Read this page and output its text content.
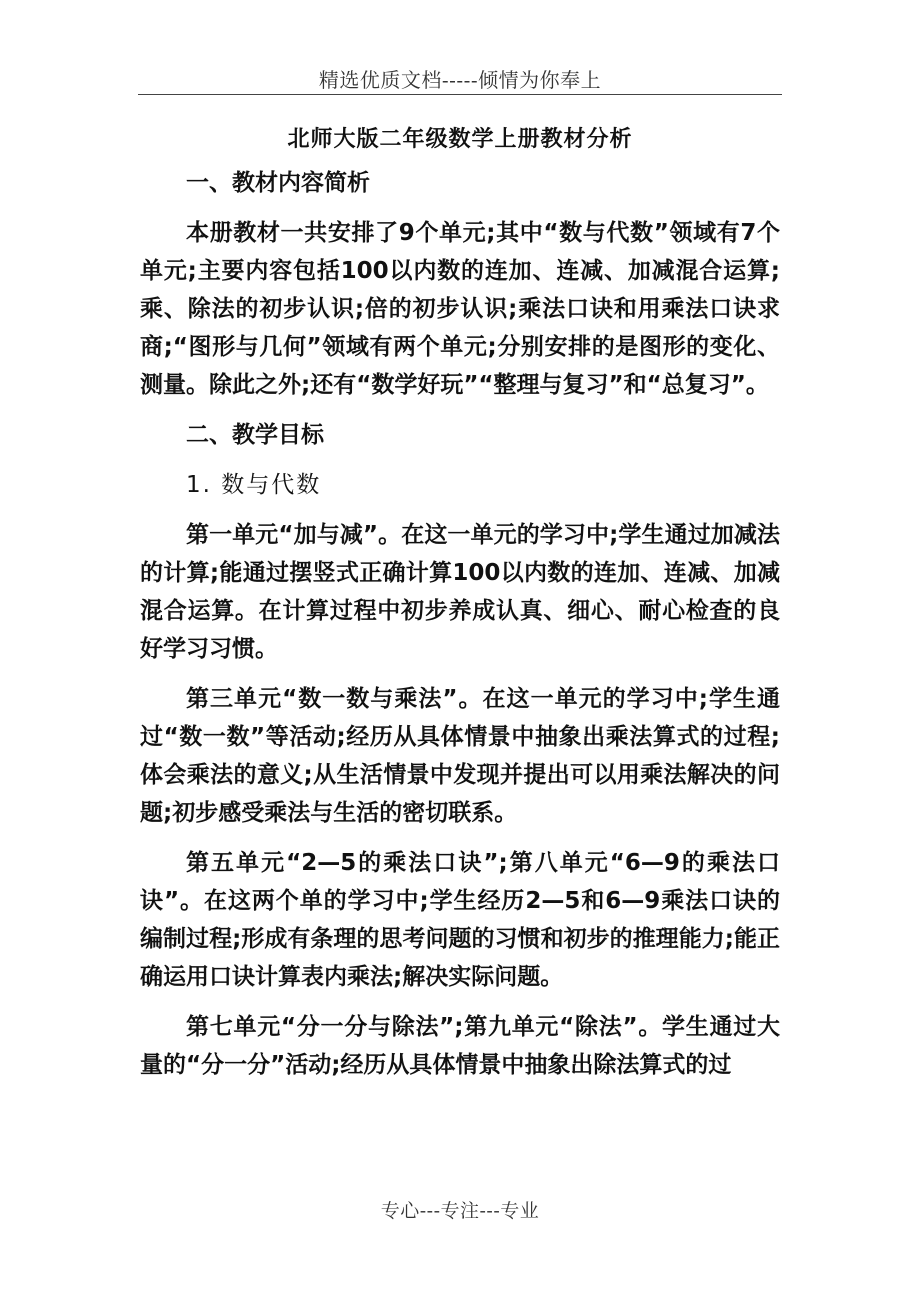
精选优质文档-----倾情为你奉上
北师大版二年级数学上册教材分析

一、教材内容简析

本册教材一共安排了9个单元;其中“数与代数”领域有7个单元;主要内容包括100以内数的连加、连减、加减混合运算;乘、除法的初步认识;倍的初步认识;乘法口诀和用乘法口诀求商;“图形与几何”领域有两个单元;分别安排的是图形的变化、测量。除此之外;还有“数学好玩”“整理与复习”和“总复习”。

二、教学目标

1. 数与代数

第一单元“加与减”。在这一单元的学习中;学生通过加减法的计算;能通过摆竖式正确计算100以内数的连加、连减、加减混合运算。在计算过程中初步养成认真、细心、耐心检查的良好学习习惯。

第三单元“数一数与乘法”。在这一单元的学习中;学生通过“数一数”等活动;经历从具体情景中抽象出乘法算式的过程;体会乘法的意义;从生活情景中发现并提出可以用乘法解决的问题;初步感受乘法与生活的密切联系。

第五单元“2—5的乘法口诀”;第八单元“6—9的乘法口诀”。在这两个单的学习中;学生经历2—5和6—9乘法口诀的编制过程;形成有条理的思考问题的习惯和初步的推理能力;能正确运用口诀计算表内乘法;解决实际问题。

第七单元“分一分与除法”;第九单元“除法”。学生通过大量的“分一分”活动;经历从具体情景中抽象出除法算式的过

专心---专注---专业
